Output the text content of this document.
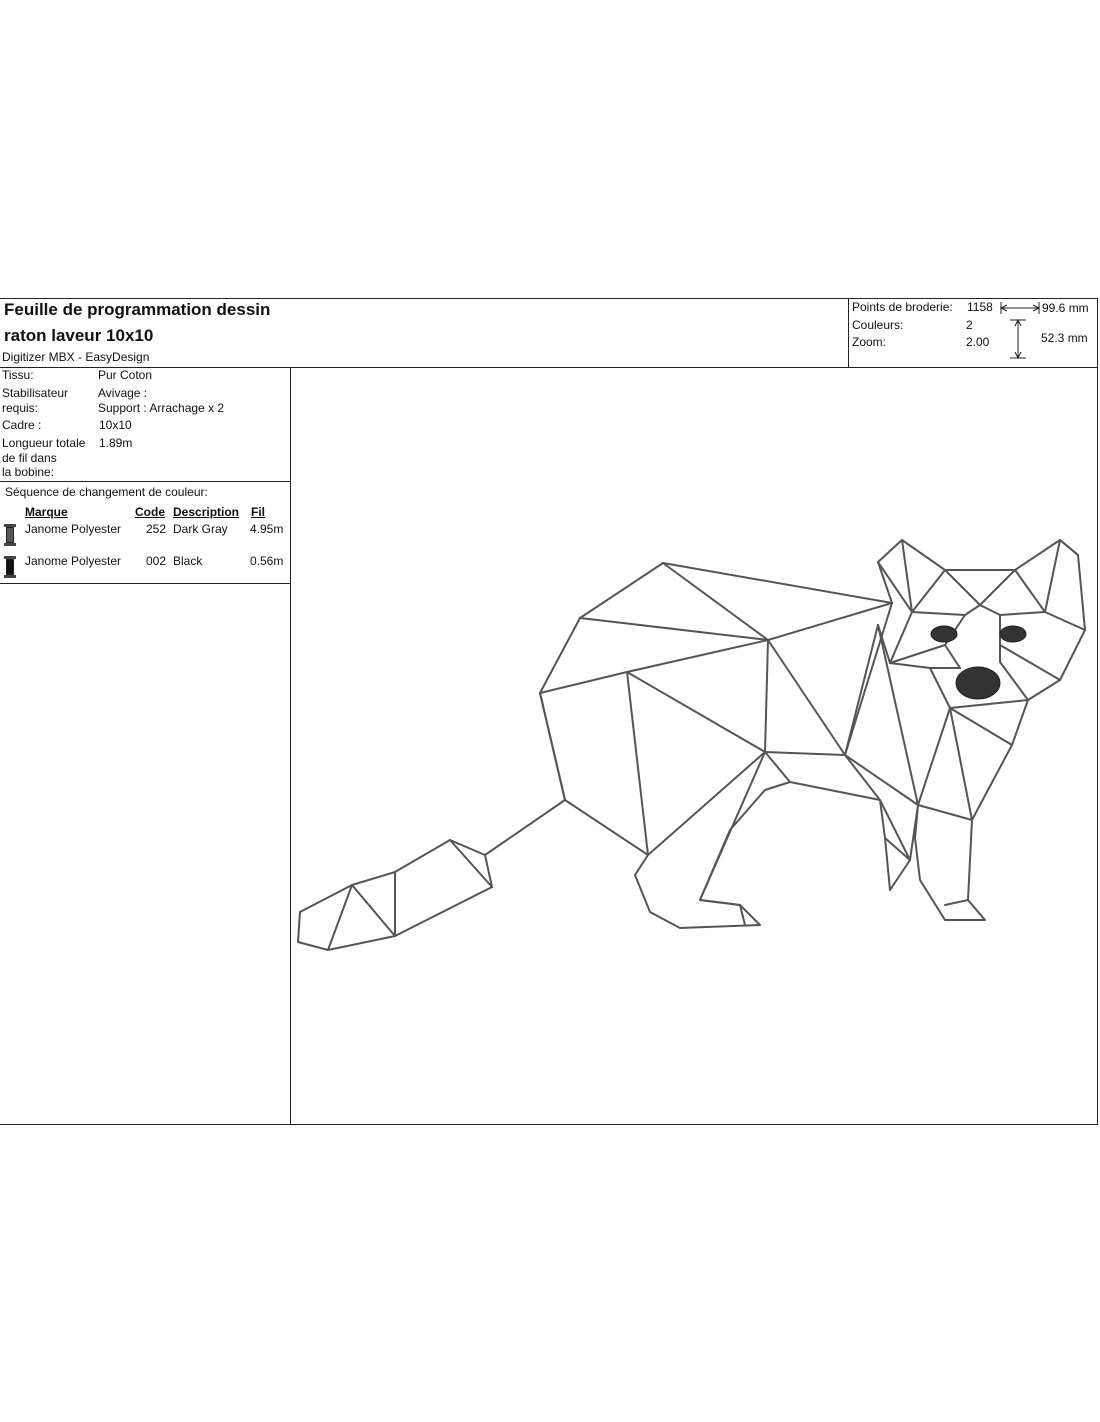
Feuille de programmation dessin
raton laveur 10x10
Digitizer MBX - EasyDesign
Points de broderie: 1158
Couleurs:	2
Zoom:	2.00
99.6 mm
52.3 mm
Tissu:	Pur Coton
Stabilisateur
requis:
Avivage :
Support : Arrachage x 2
Cadre :	10x10
Longueur totale
de fil dans
la bobine:
1.89m
Séquence de changement de couleur:
Marque	Code Description Fil
Janome Polyester 252 Dark Gray 4.95m
Janome Polyester 002 Black	0.56m
